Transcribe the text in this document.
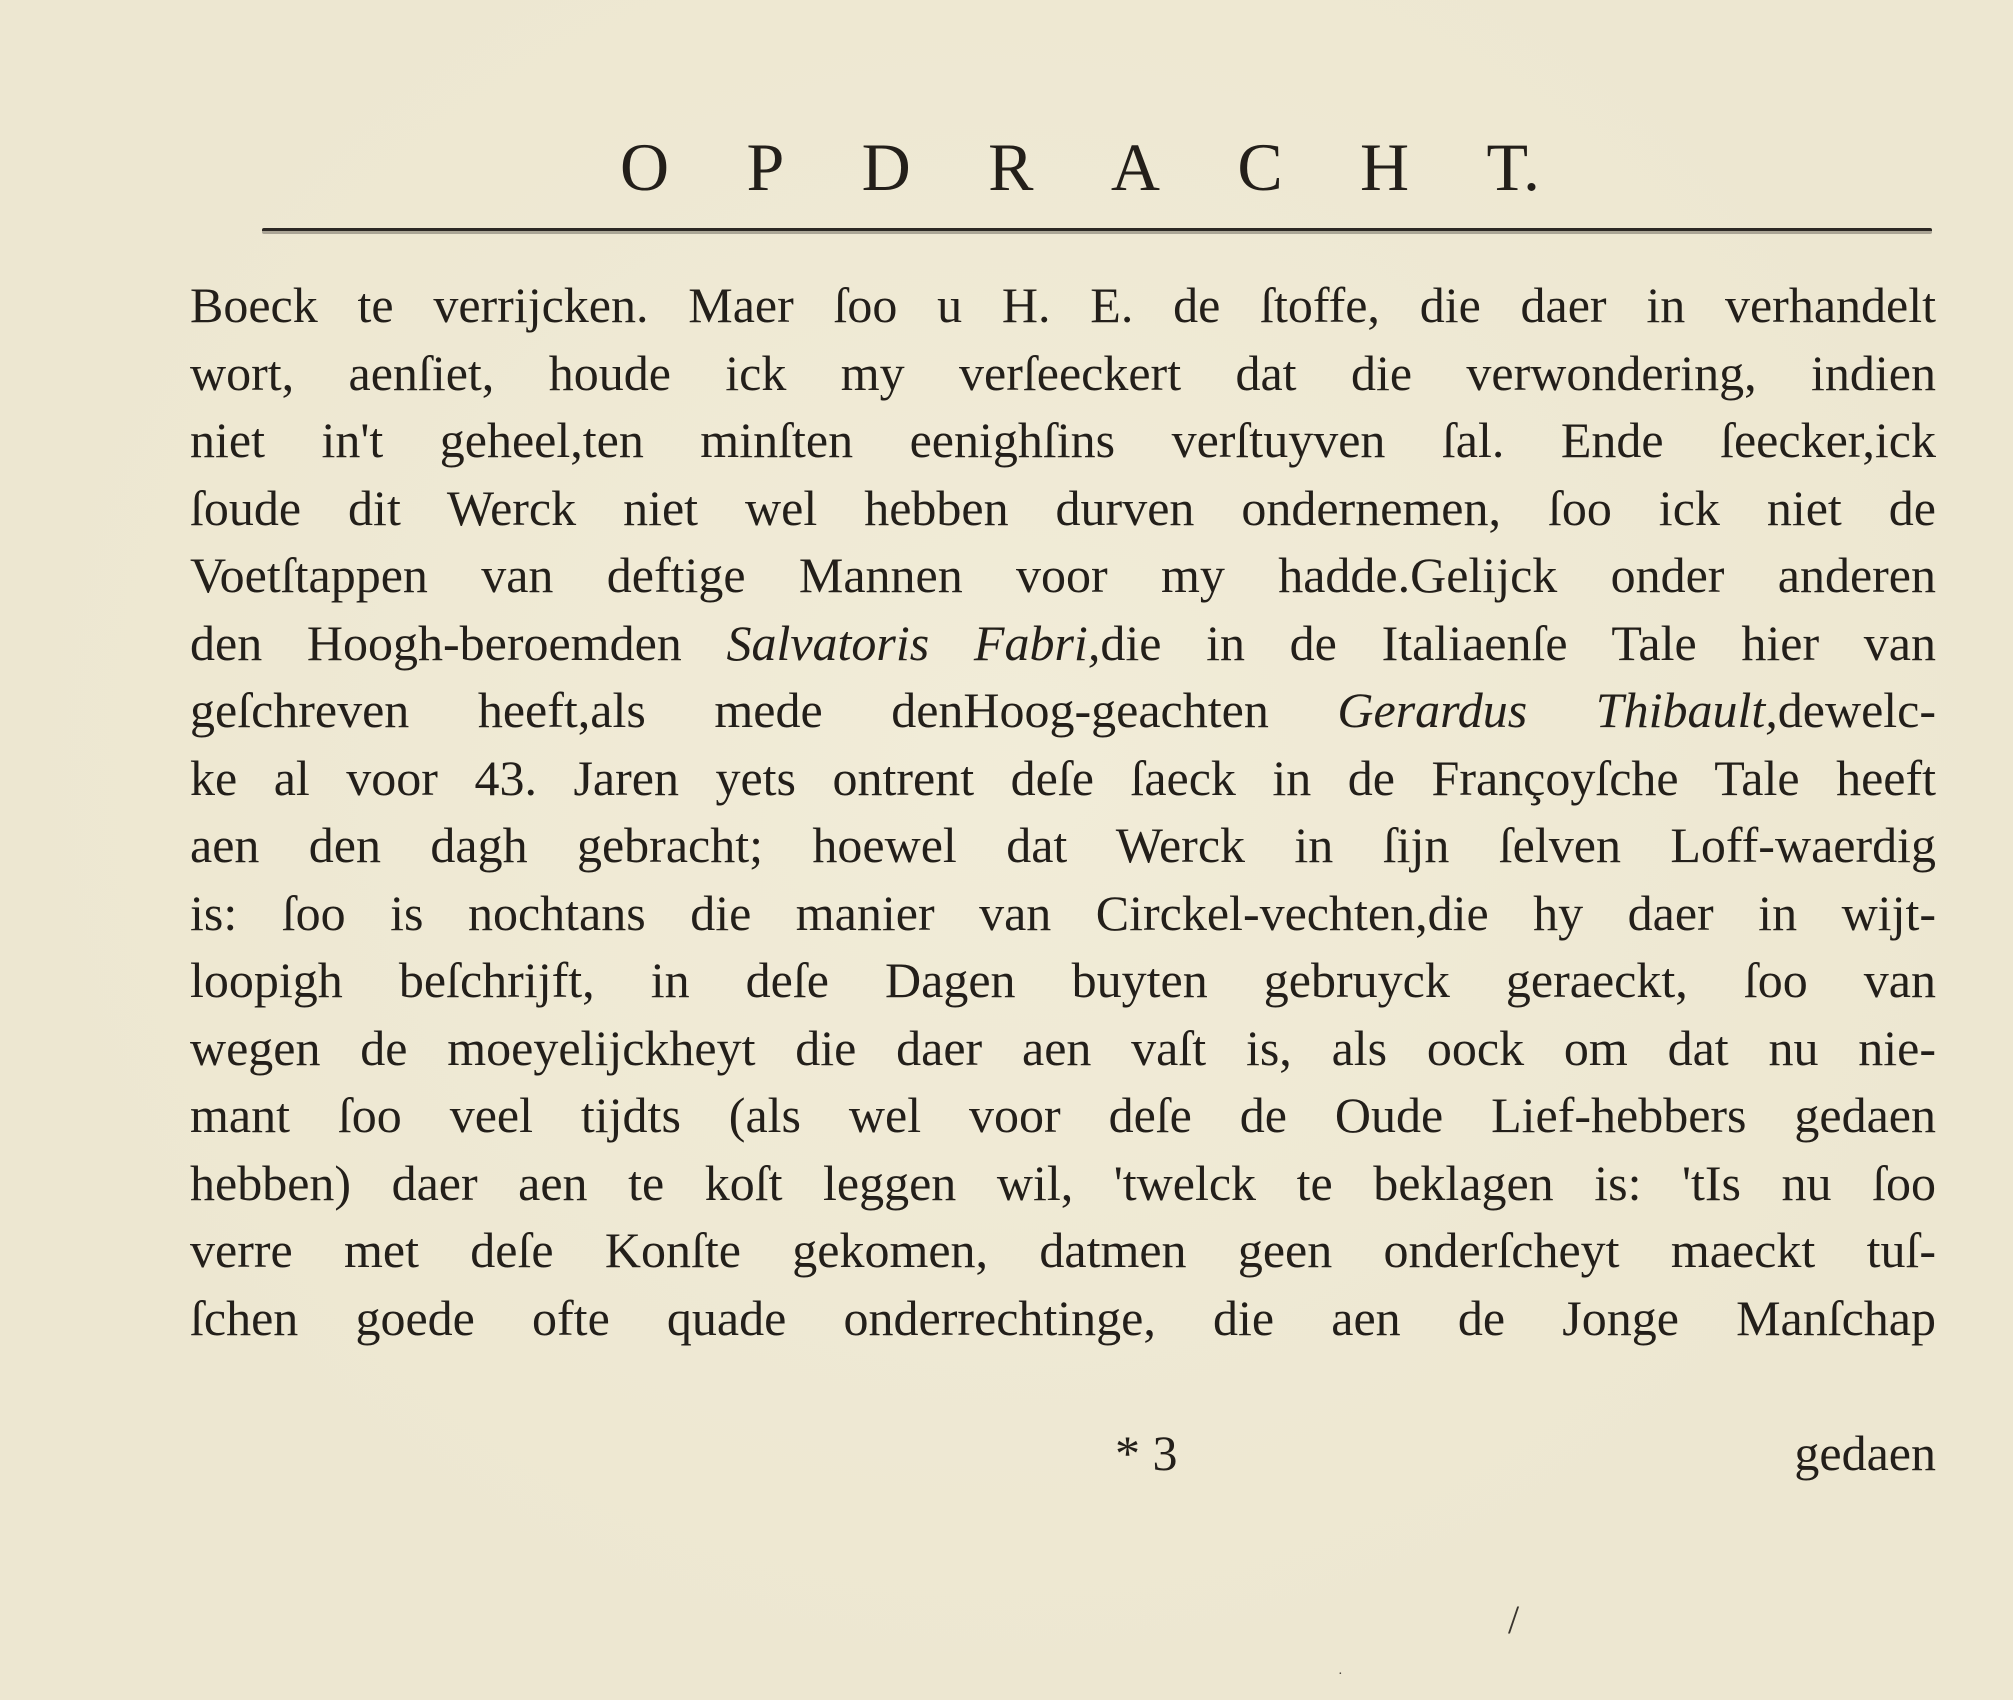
O P D R A C H T.
Boeck te verrijcken. Maer ſoo u H. E. de ſtoffe, die daer in verhandelt
wort, aenſiet, houde ick my verſeeckert dat die verwondering, indien
niet in't geheel,ten minſten eenighſins verſtuyven ſal. Ende ſeecker,ick
ſoude dit Werck niet wel hebben durven ondernemen, ſoo ick niet de
Voetſtappen van deftige Mannen voor my hadde.Gelijck onder anderen
den Hoogh-beroemden Salvatoris Fabri,die in de Italiaenſe Tale hier van
geſchreven heeft,als mede denHoog-geachten Gerardus Thibault,dewelc-
ke al voor 43. Jaren yets ontrent deſe ſaeck in de Françoyſche Tale heeft
aen den dagh gebracht; hoewel dat Werck in ſijn ſelven Loff-waerdig
is: ſoo is nochtans die manier van Circkel-vechten,die hy daer in wijt-
loopigh beſchrijft, in deſe Dagen buyten gebruyck geraeckt, ſoo van
wegen de moeyelijckheyt die daer aen vaſt is, als oock om dat nu nie-
mant ſoo veel tijdts (als wel voor deſe de Oude Lief-hebbers gedaen
hebben) daer aen te koſt leggen wil, 'twelck te beklagen is: 'tIs nu ſoo
verre met deſe Konſte gekomen, datmen geen onderſcheyt maeckt tuſ-
ſchen goede ofte quade onderrechtinge, die aen de Jonge Manſchap
* 3	gedaen
/
·
